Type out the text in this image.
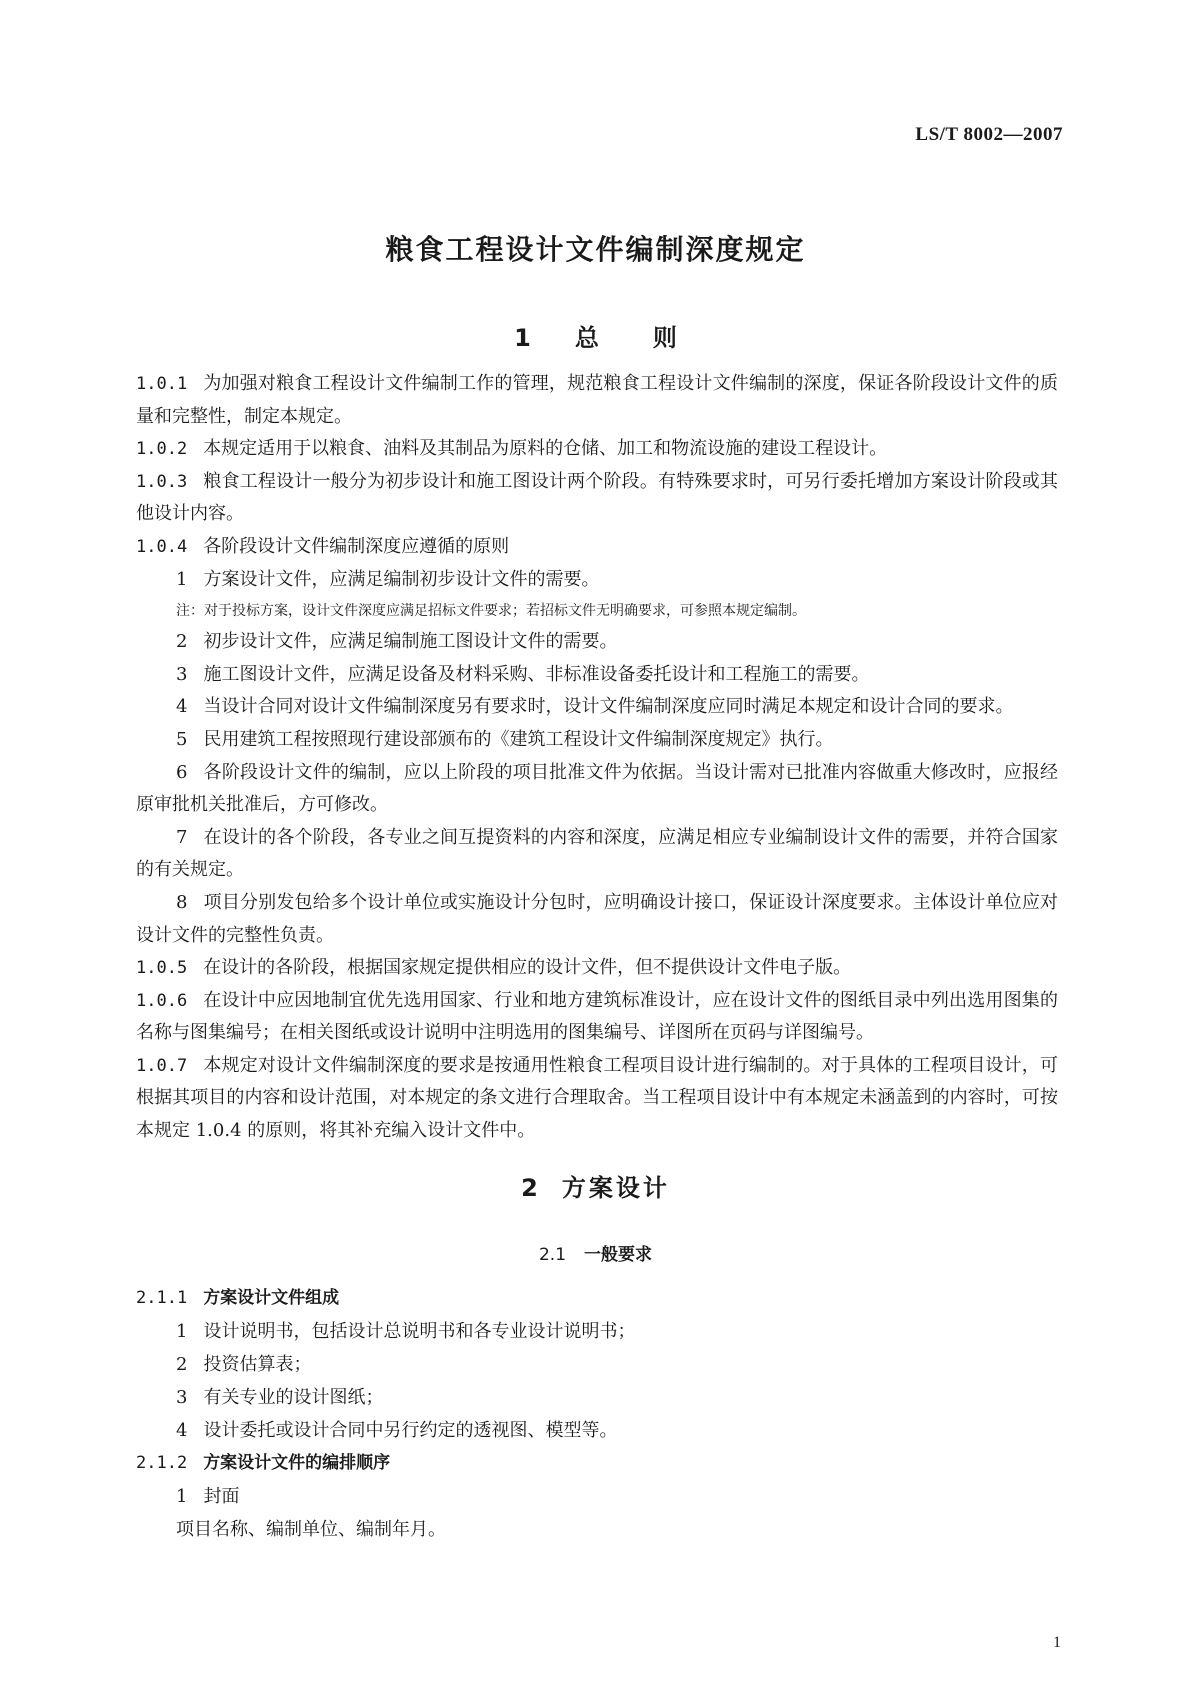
LS/T 8002—2007
粮食工程设计文件编制深度规定
1 总则

1.0.1 为加强对粮食工程设计文件编制工作的管理，规范粮食工程设计文件编制的深度，保证各阶段设计文件的质量和完整性，制定本规定。

1.0.2 本规定适用于以粮食、油料及其制品为原料的仓储、加工和物流设施的建设工程设计。

1.0.3 粮食工程设计一般分为初步设计和施工图设计两个阶段。有特殊要求时，可另行委托增加方案设计阶段或其他设计内容。

1.0.4 各阶段设计文件编制深度应遵循的原则

1 方案设计文件，应满足编制初步设计文件的需要。

注：对于投标方案，设计文件深度应满足招标文件要求；若招标文件无明确要求，可参照本规定编制。

2 初步设计文件，应满足编制施工图设计文件的需要。

3 施工图设计文件，应满足设备及材料采购、非标准设备委托设计和工程施工的需要。

4 当设计合同对设计文件编制深度另有要求时，设计文件编制深度应同时满足本规定和设计合同的要求。

5 民用建筑工程按照现行建设部颁布的《建筑工程设计文件编制深度规定》执行。

6 各阶段设计文件的编制，应以上阶段的项目批准文件为依据。当设计需对已批准内容做重大修改时，应报经原审批机关批准后，方可修改。

7 在设计的各个阶段，各专业之间互提资料的内容和深度，应满足相应专业编制设计文件的需要，并符合国家的有关规定。

8 项目分别发包给多个设计单位或实施设计分包时，应明确设计接口，保证设计深度要求。主体设计单位应对设计文件的完整性负责。

1.0.5 在设计的各阶段，根据国家规定提供相应的设计文件，但不提供设计文件电子版。

1.0.6 在设计中应因地制宜优先选用国家、行业和地方建筑标准设计，应在设计文件的图纸目录中列出选用图集的名称与图集编号；在相关图纸或设计说明中注明选用的图集编号、详图所在页码与详图编号。

1.0.7 本规定对设计文件编制深度的要求是按通用性粮食工程项目设计进行编制的。对于具体的工程项目设计，可根据其项目的内容和设计范围，对本规定的条文进行合理取舍。当工程项目设计中有本规定未涵盖到的内容时，可按本规定 1.0.4 的原则，将其补充编入设计文件中。

2 方案设计
2.1 一般要求

2.1.1 方案设计文件组成

1 设计说明书，包括设计总说明书和各专业设计说明书；

2 投资估算表；

3 有关专业的设计图纸；

4 设计委托或设计合同中另行约定的透视图、模型等。

2.1.2 方案设计文件的编排顺序

1 封面

项目名称、编制单位、编制年月。

1
